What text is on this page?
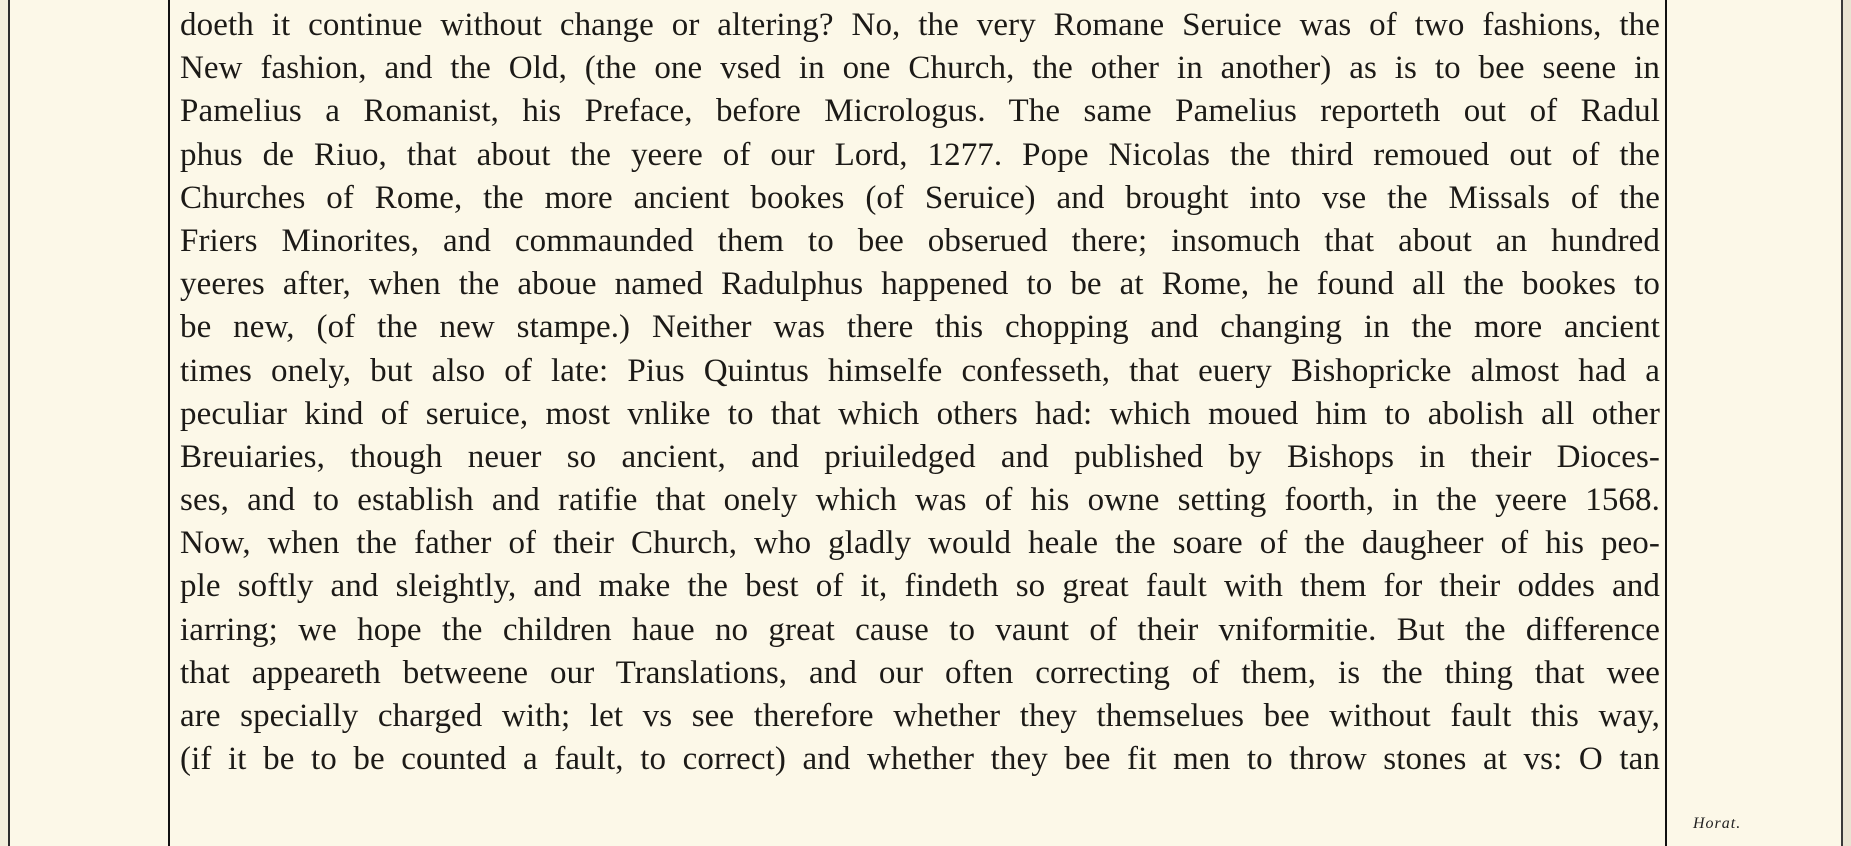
doeth it continue without change or altering? No, the very Romane Seruice was of two fashions, the
New fashion, and the Old, (the one vsed in one Church, the other in another) as is to bee seene in
Pamelius a Romanist, his Preface, before Micrologus. The same Pamelius reporteth out of Radul
phus de Riuo, that about the yeere of our Lord, 1277. Pope Nicolas the third remoued out of the
Churches of Rome, the more ancient bookes (of Seruice) and brought into vse the Missals of the
Friers Minorites, and commaunded them to bee obserued there; insomuch that about an hundred
yeeres after, when the aboue named Radulphus happened to be at Rome, he found all the bookes to
be new, (of the new stampe.) Neither was there this chopping and changing in the more ancient
times onely, but also of late: Pius Quintus himselfe confesseth, that euery Bishopricke almost had a
peculiar kind of seruice, most vnlike to that which others had: which moued him to abolish all other
Breuiaries, though neuer so ancient, and priuiledged and published by Bishops in their Dioces-
ses, and to establish and ratifie that onely which was of his owne setting foorth, in the yeere 1568.
Now, when the father of their Church, who gladly would heale the soare of the daugheer of his peo-
ple softly and sleightly, and make the best of it, findeth so great fault with them for their oddes and
iarring; we hope the children haue no great cause to vaunt of their vniformitie. But the difference
that appeareth betweene our Translations, and our often correcting of them, is the thing that wee
are specially charged with; let vs see therefore whether they themselues bee without fault this way,
(if it be to be counted a fault, to correct) and whether they bee fit men to throw stones at vs: O tan
Horat.
